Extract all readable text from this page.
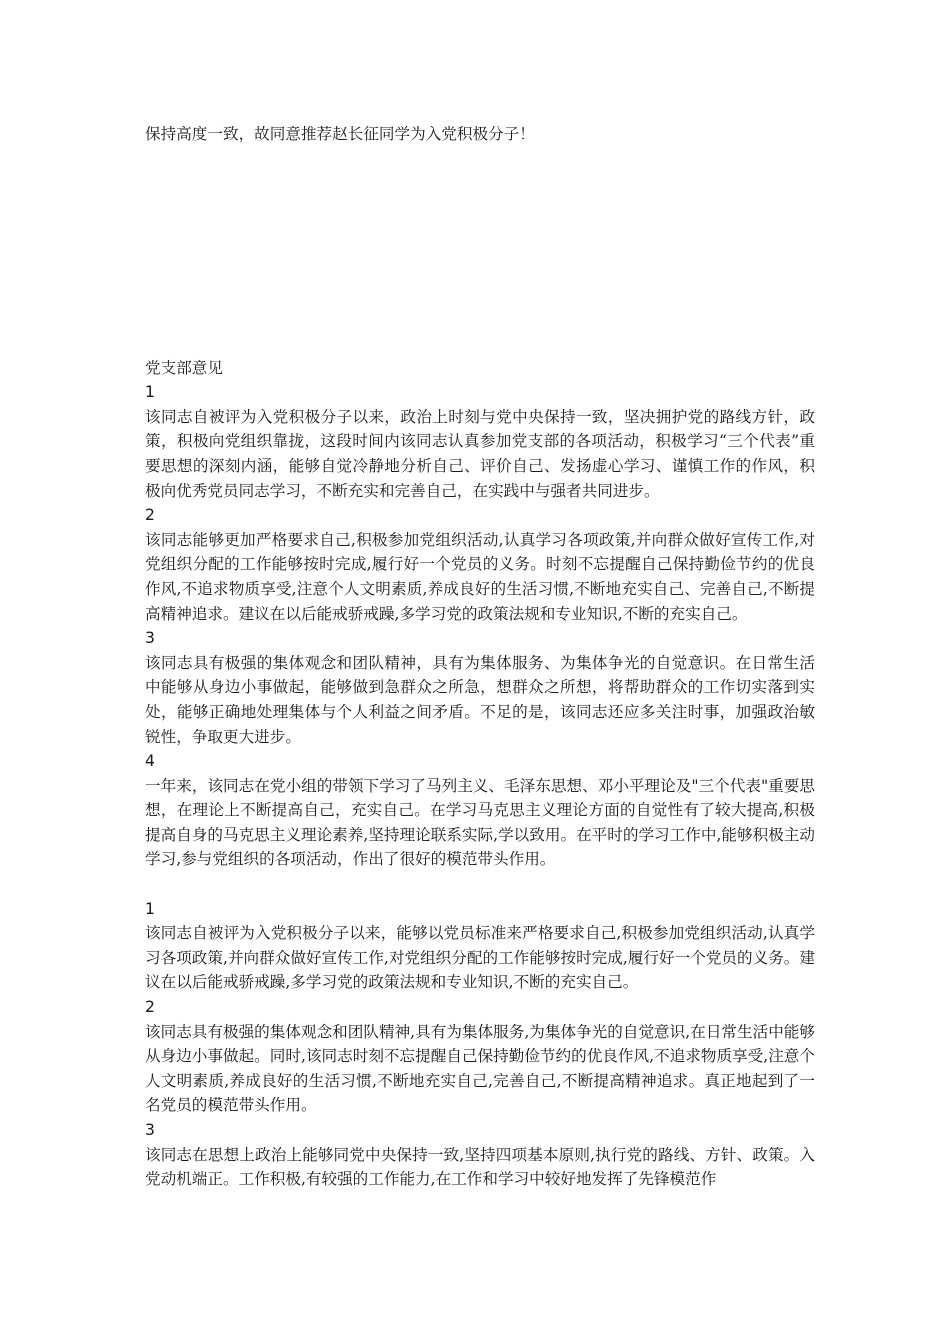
保持高度一致，故同意推荐赵长征同学为入党积极分子！

党支部意见

1

该同志自被评为入党积极分子以来，政治上时刻与党中央保持一致，坚决拥护党的路线方针，政策，积极向党组织靠拢，这段时间内该同志认真参加党支部的各项活动，积极学习“三个代表”重要思想的深刻内涵，能够自觉冷静地分析自己、评价自己、发扬虚心学习、谨慎工作的作风，积极向优秀党员同志学习，不断充实和完善自己，在实践中与强者共同进步。

2

该同志能够更加严格要求自己,积极参加党组织活动,认真学习各项政策,并向群众做好宣传工作,对党组织分配的工作能够按时完成,履行好一个党员的义务。时刻不忘提醒自己保持勤俭节约的优良作风,不追求物质享受,注意个人文明素质,养成良好的生活习惯,不断地充实自己、完善自己,不断提高精神追求。建议在以后能戒骄戒躁,多学习党的政策法规和专业知识,不断的充实自己。

3

该同志具有极强的集体观念和团队精神，具有为集体服务、为集体争光的自觉意识。在日常生活中能够从身边小事做起，能够做到急群众之所急，想群众之所想，将帮助群众的工作切实落到实处，能够正确地处理集体与个人利益之间矛盾。不足的是，该同志还应多关注时事，加强政治敏锐性，争取更大进步。

4

一年来，该同志在党小组的带领下学习了马列主义、毛泽东思想、邓小平理论及"三个代表"重要思想，在理论上不断提高自己，充实自己。在学习马克思主义理论方面的自觉性有了较大提高,积极提高自身的马克思主义理论素养,坚持理论联系实际,学以致用。在平时的学习工作中,能够积极主动学习,参与党组织的各项活动，作出了很好的模范带头作用。

1

该同志自被评为入党积极分子以来，能够以党员标准来严格要求自己,积极参加党组织活动,认真学习各项政策,并向群众做好宣传工作,对党组织分配的工作能够按时完成,履行好一个党员的义务。建议在以后能戒骄戒躁,多学习党的政策法规和专业知识,不断的充实自己。

2

该同志具有极强的集体观念和团队精神,具有为集体服务,为集体争光的自觉意识,在日常生活中能够从身边小事做起。同时,该同志时刻不忘提醒自己保持勤俭节约的优良作风,不追求物质享受,注意个人文明素质,养成良好的生活习惯,不断地充实自己,完善自己,不断提高精神追求。真正地起到了一名党员的模范带头作用。

3

该同志在思想上政治上能够同党中央保持一致,坚持四项基本原则,执行党的路线、方针、政策。入党动机端正。工作积极,有较强的工作能力,在工作和学习中较好地发挥了先锋模范作
